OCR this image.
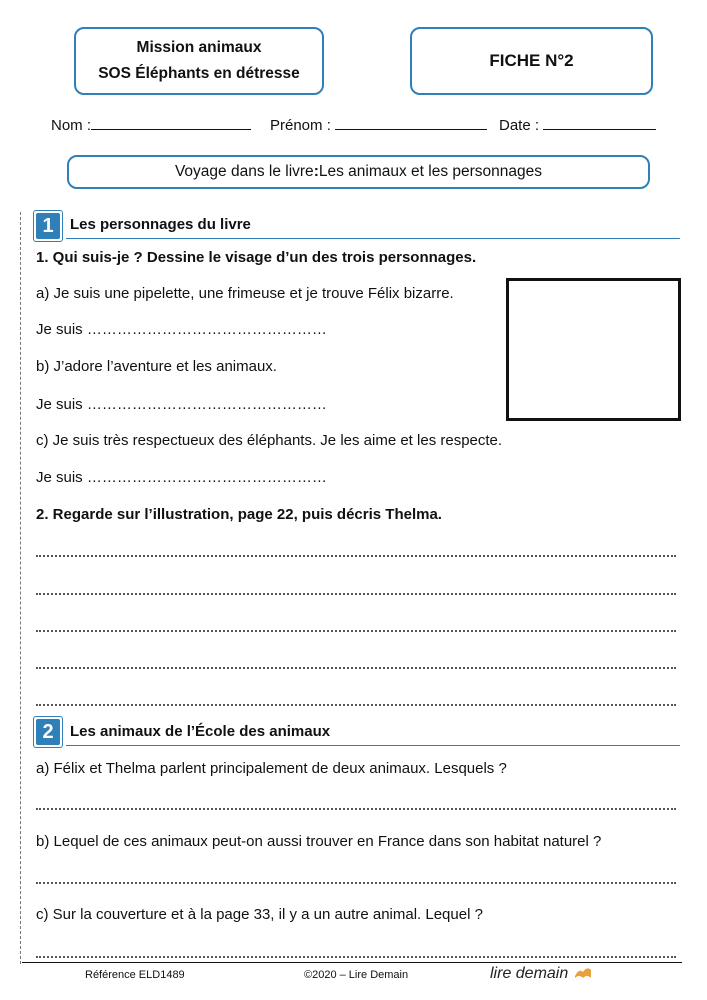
Mission animaux
SOS Éléphants en détresse
FICHE N°2
Nom :	Prénom :	Date :
Voyage dans le livre : Les animaux et les personnages
1	Les personnages du livre
1. Qui suis-je ? Dessine le visage d’un des trois personnages.
a) Je suis une pipelette, une frimeuse et je trouve Félix bizarre.
Je suis …………………………………………
b) J’adore l’aventure et les animaux.
Je suis …………………………………………
c) Je suis très respectueux des éléphants. Je les aime et les respecte.
Je suis …………………………………………
2. Regarde sur l’illustration, page 22, puis décris Thelma.
2	Les animaux de l’École des animaux
a) Félix et Thelma parlent principalement de deux animaux. Lesquels ?
b) Lequel de ces animaux peut-on aussi trouver en France dans son habitat naturel ?
c) Sur la couverture et à la page 33, il y a un autre animal. Lequel ?
Référence ELD1489	©2020 – Lire Demain	lire demain
